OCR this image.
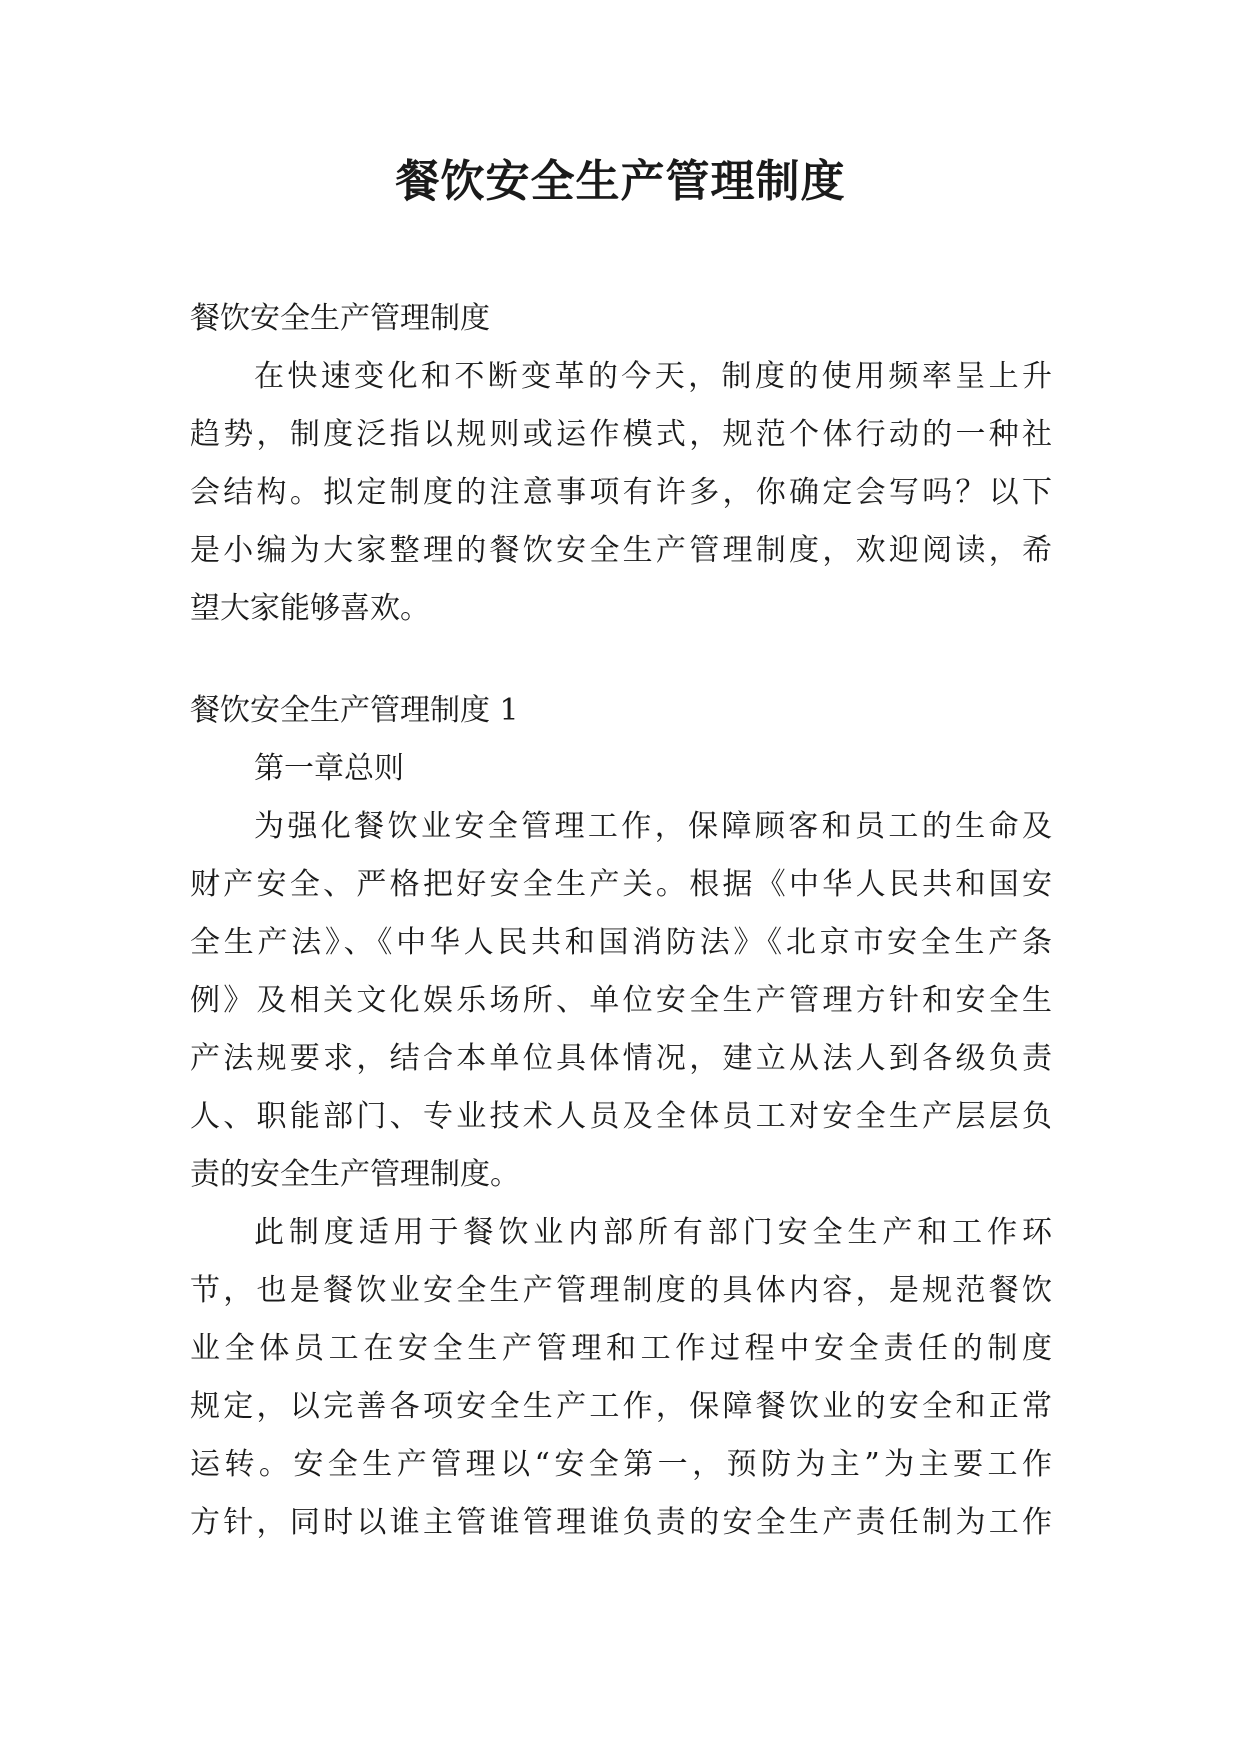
餐饮安全生产管理制度
餐饮安全生产管理制度
在快速变化和不断变革的今天，制度的使用频率呈上升
趋势，制度泛指以规则或运作模式，规范个体行动的一种社
会结构。拟定制度的注意事项有许多，你确定会写吗？以下
是小编为大家整理的餐饮安全生产管理制度，欢迎阅读，希
望大家能够喜欢。
餐饮安全生产管理制度 1
第一章总则
为强化餐饮业安全管理工作，保障顾客和员工的生命及
财产安全、严格把好安全生产关。根据《中华人民共和国安
全生产法》、《中华人民共和国消防法》《北京市安全生产条
例》及相关文化娱乐场所、单位安全生产管理方针和安全生
产法规要求，结合本单位具体情况，建立从法人到各级负责
人、职能部门、专业技术人员及全体员工对安全生产层层负
责的安全生产管理制度。
此制度适用于餐饮业内部所有部门安全生产和工作环
节，也是餐饮业安全生产管理制度的具体内容，是规范餐饮
业全体员工在安全生产管理和工作过程中安全责任的制度
规定，以完善各项安全生产工作，保障餐饮业的安全和正常
运转。安全生产管理以“安全第一，预防为主”为主要工作
方针，同时以谁主管谁管理谁负责的安全生产责任制为工作
